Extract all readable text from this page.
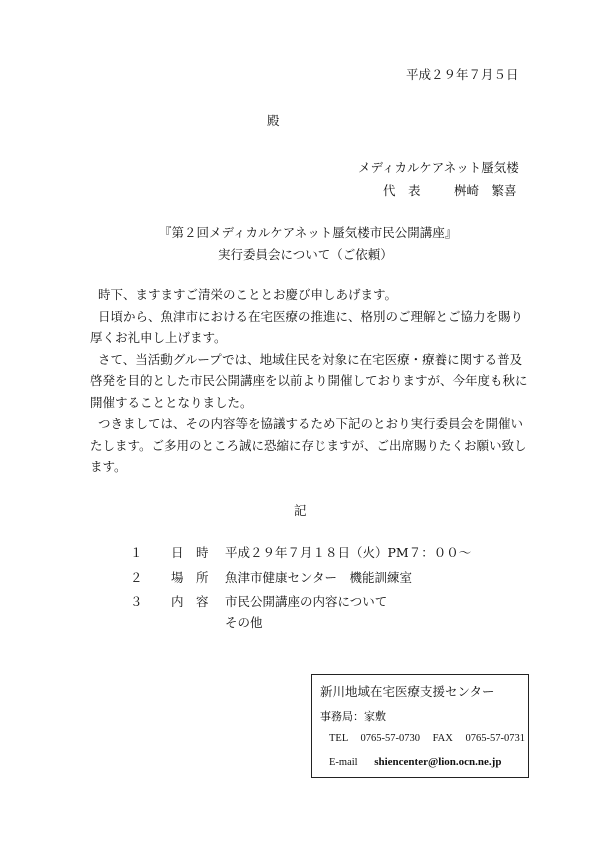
平成２９年７月５日
殿
メディカルケアネット蜃気楼
代　表	桝崎　繁喜
『第２回メディカルケアネット蜃気楼市民公開講座』
実行委員会について（ご依頼）

時下、ますますご清栄のこととお慶び申しあげます。

日頃から、魚津市における在宅医療の推進に、格別のご理解とご協力を賜り厚くお礼申し上げます。

さて、当活動グループでは、地域住民を対象に在宅医療・療養に関する普及啓発を目的とした市民公開講座を以前より開催しておりますが、今年度も秋に開催することとなりました。

つきましては、その内容等を協議するため下記のとおり実行委員会を開催いたします。ご多用のところ誠に恐縮に存じますが、ご出席賜りたくお願い致します。

記
１ 日　時 平成２９年７月１８日（火）PM７：００～
２ 場　所 魚津市健康センター　機能訓練室
３ 内　容 市民公開講座の内容について
その他
新川地域在宅医療支援センター
事務局：家敷
TEL 0765-57-0730 FAX 0765-57-0731
E-mail shiencenter@lion.ocn.ne.jp
